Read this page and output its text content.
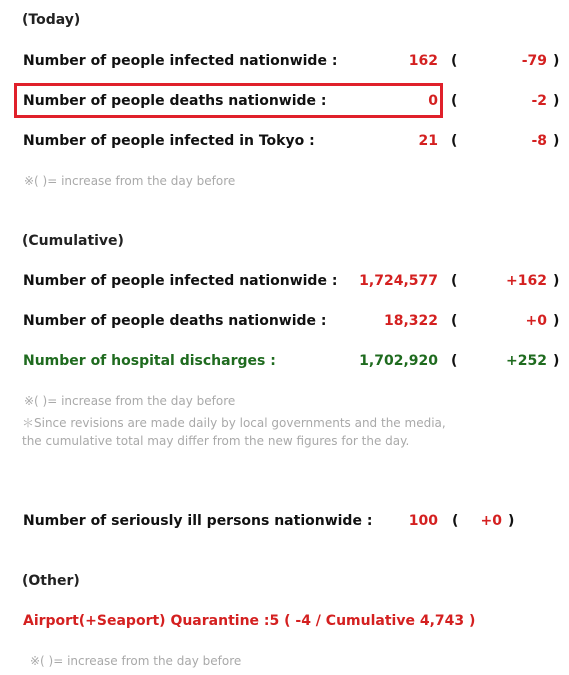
(Today)
Number of people infected nationwide :	162 (	-79 )
Number of people deaths nationwide :	0 (	-2 )
Number of people infected in Tokyo :	21 (	-8 )
※( )= increase from the day before
(Cumulative)
Number of people infected nationwide :	1,724,577 (	+162 )
Number of people deaths nationwide :	18,322 (	+0 )
Number of hospital discharges :	1,702,920 (	+252 )
※( )= increase from the day before
＊Since revisions are made daily by local governments and the media,
the cumulative total may differ from the new figures for the day.
Number of seriously ill persons nationwide :	100 (	+0 )
(Other)
Airport(+Seaport) Quarantine :5 ( -4 / Cumulative 4,743 )
※( )= increase from the day before
